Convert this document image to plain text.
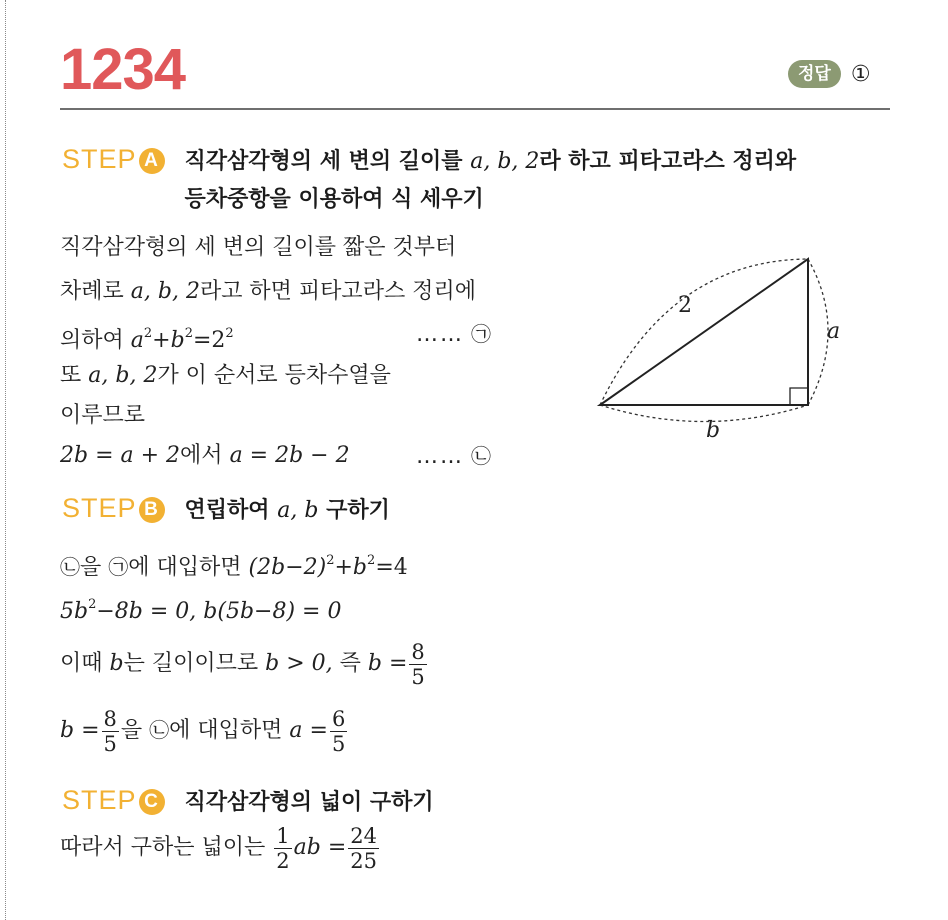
1234	정답 ①
STEP A 직각삼각형의 세 변의 길이를 a, b, 2라 하고 피타고라스 정리와
등차중항을 이용하여 식 세우기
직각삼각형의 세 변의 길이를 짧은 것부터
차례로 a, b, 2라고 하면 피타고라스 정리에
의하여 $a^2+b^2=2^2$	…… ㉠
또 a, b, 2가 이 순서로 등차수열을
이루므로
2b = a + 2에서 a = 2b − 2	…… ㉡
2
a
b
STEP B 연립하여 a, b 구하기
㉡을 ㉠에 대입하면 $(2b-2)^2+b^2=4$
$5b^2-8b = 0$, b(5b−8) = 0
이때 b는 길이이므로 b > 0, 즉 $b = \frac{8}{5}$
$b = \frac{8}{5}$ 을 ㉡에 대입하면 $a = \frac{6}{5}$
STEP C 직각삼각형의 넓이 구하기
따라서 구하는 넓이는 $\frac{1}{2}$ ab = $\frac{24}{25}$
